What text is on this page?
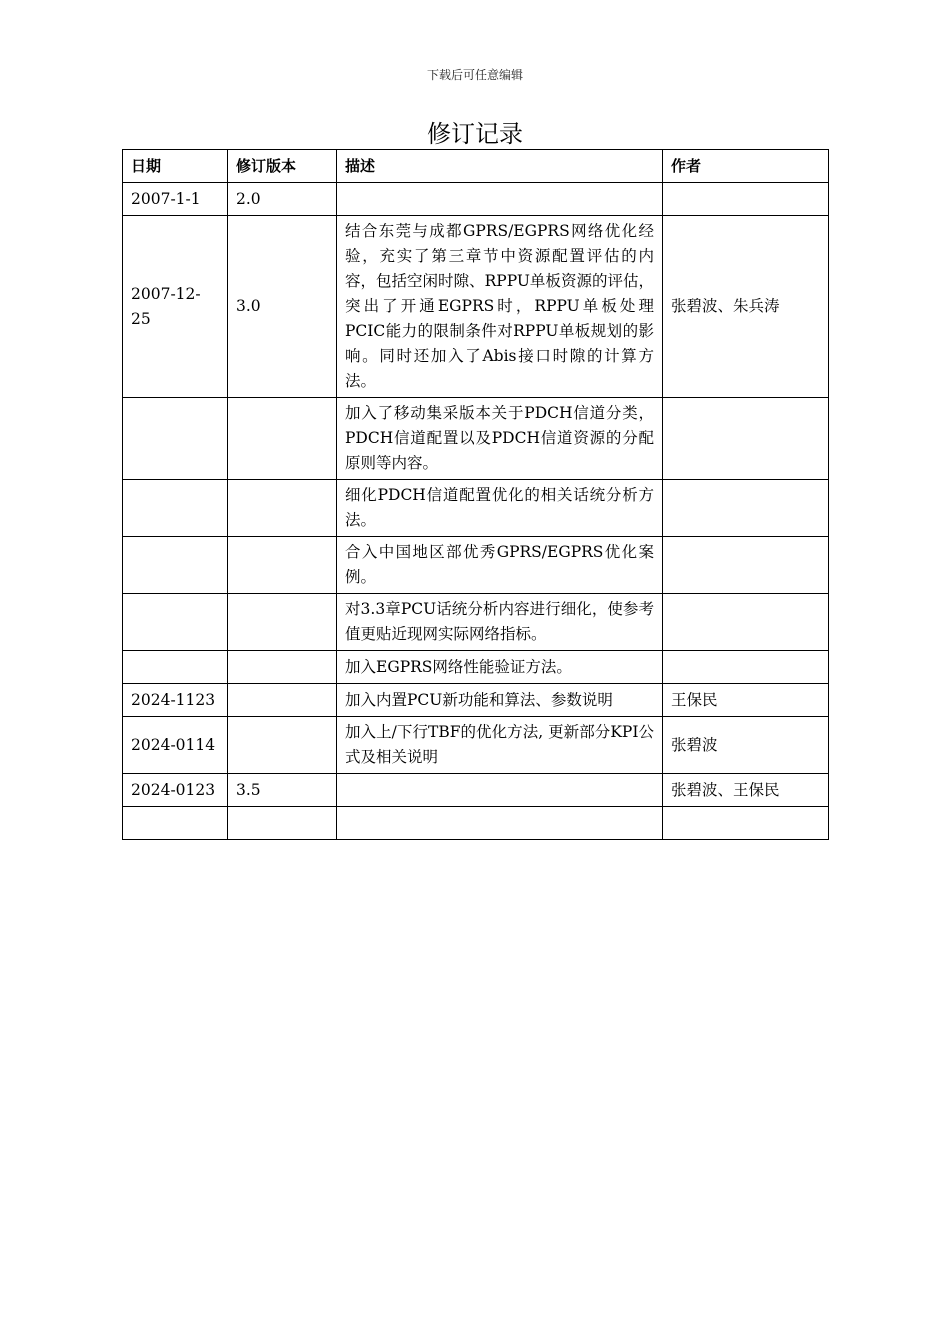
下载后可任意编辑
修订记录
日期	修订版本	描述	作者
2007-1-1	2.0		
2007-12-25	3.0	结合东莞与成都GPRS/EGPRS网络优化经验，充实了第三章节中资源配置评估的内容，包括空闲时隙、RPPU单板资源的评估，突出了开通EGPRS时，RPPU单板处理PCIC能力的限制条件对RPPU单板规划的影响。同时还加入了Abis接口时隙的计算方法。	张碧波、朱兵涛
		加入了移动集采版本关于PDCH信道分类，PDCH信道配置以及PDCH信道资源的分配原则等内容。	
		细化PDCH信道配置优化的相关话统分析方法。	
		合入中国地区部优秀GPRS/EGPRS优化案例。	
		对3.3章PCU话统分析内容进行细化，使参考值更贴近现网实际网络指标。	
		加入EGPRS网络性能验证方法。	
2024-1123		加入内置PCU新功能和算法、参数说明	王保民
2024-0114		加入上/下行TBF的优化方法, 更新部分KPI公式及相关说明	张碧波
2024-0123	3.5		张碧波、王保民
